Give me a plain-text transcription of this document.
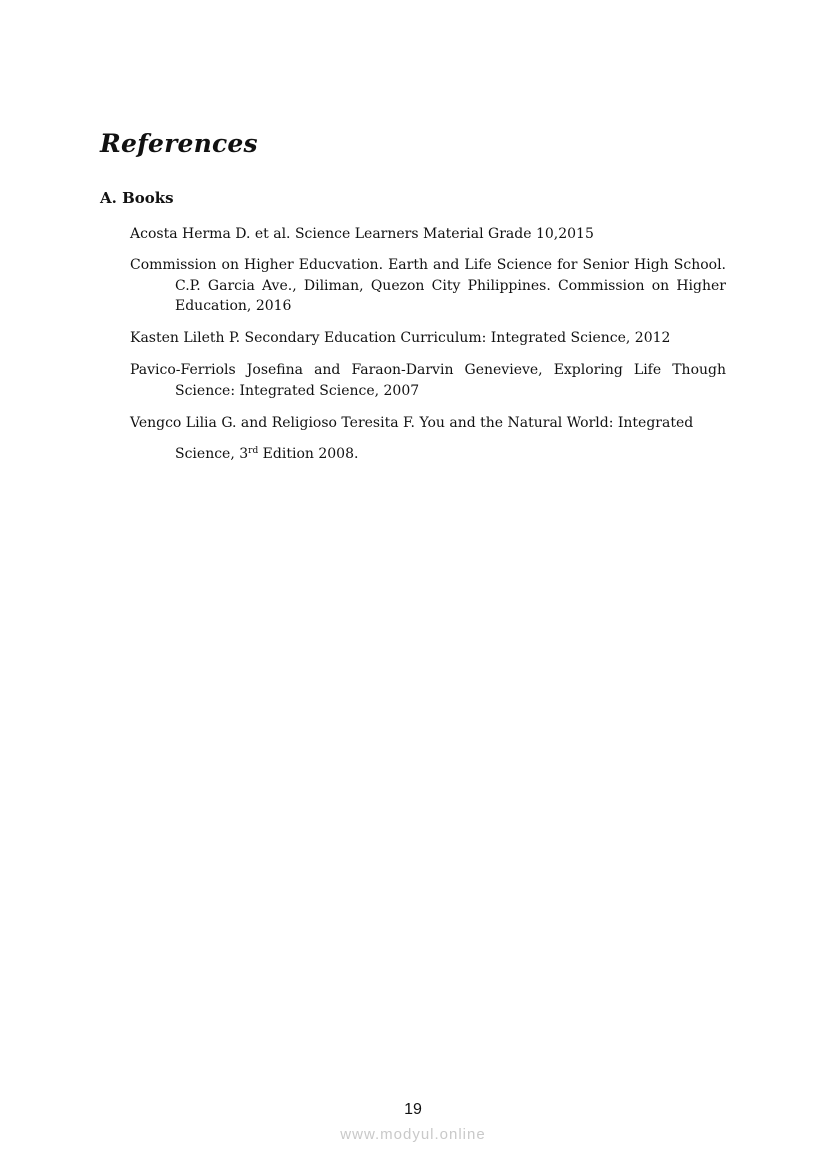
References
A. Books

Acosta Herma D. et al. Science Learners Material Grade 10,2015

Commission on Higher Educvation. Earth and Life Science for Senior High School. C.P. Garcia Ave., Diliman, Quezon City Philippines. Commission on Higher Education, 2016

Kasten Lileth P. Secondary Education Curriculum: Integrated Science, 2012

Pavico-Ferriols Josefina and Faraon-Darvin Genevieve, Exploring Life Though Science: Integrated Science, 2007

Vengco Lilia G. and Religioso Teresita F. You and the Natural World: Integrated

Science, 3rd Edition 2008.

19
www.modyul.online
